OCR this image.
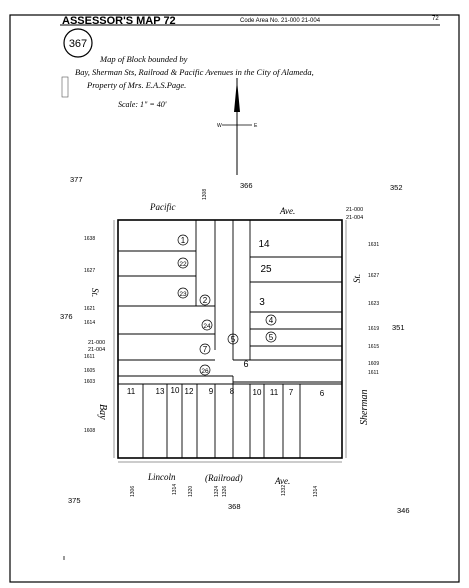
ASSESSOR'S MAP 72	Code Area No. 21-000 21-004	72
367
Map of Block bounded by
Bay, Sherman Sts, Railroad & Pacific Avenues in the City of Alameda,
Property of Mrs. E.A.S.Page.
Scale: 1" = 40'
W	E
377
366	352
376
351
375
368	346
Pacific	Ave.
Lincoln	(Railroad)	Ave.
Bay
St.
Sherman
St.
21-000
21-004
21-000
21-004
1
22
23
2
24
5
7
26
14
25
3
4
5
6
11	10
13	12 9 8 10 11 7	6
1638
1627
1621
1614
1611
1605
1603
1608
1631
1627
1623
1619
1615
1609
1611
1306	1314 1320	1324 1326	1332	1314
1308
